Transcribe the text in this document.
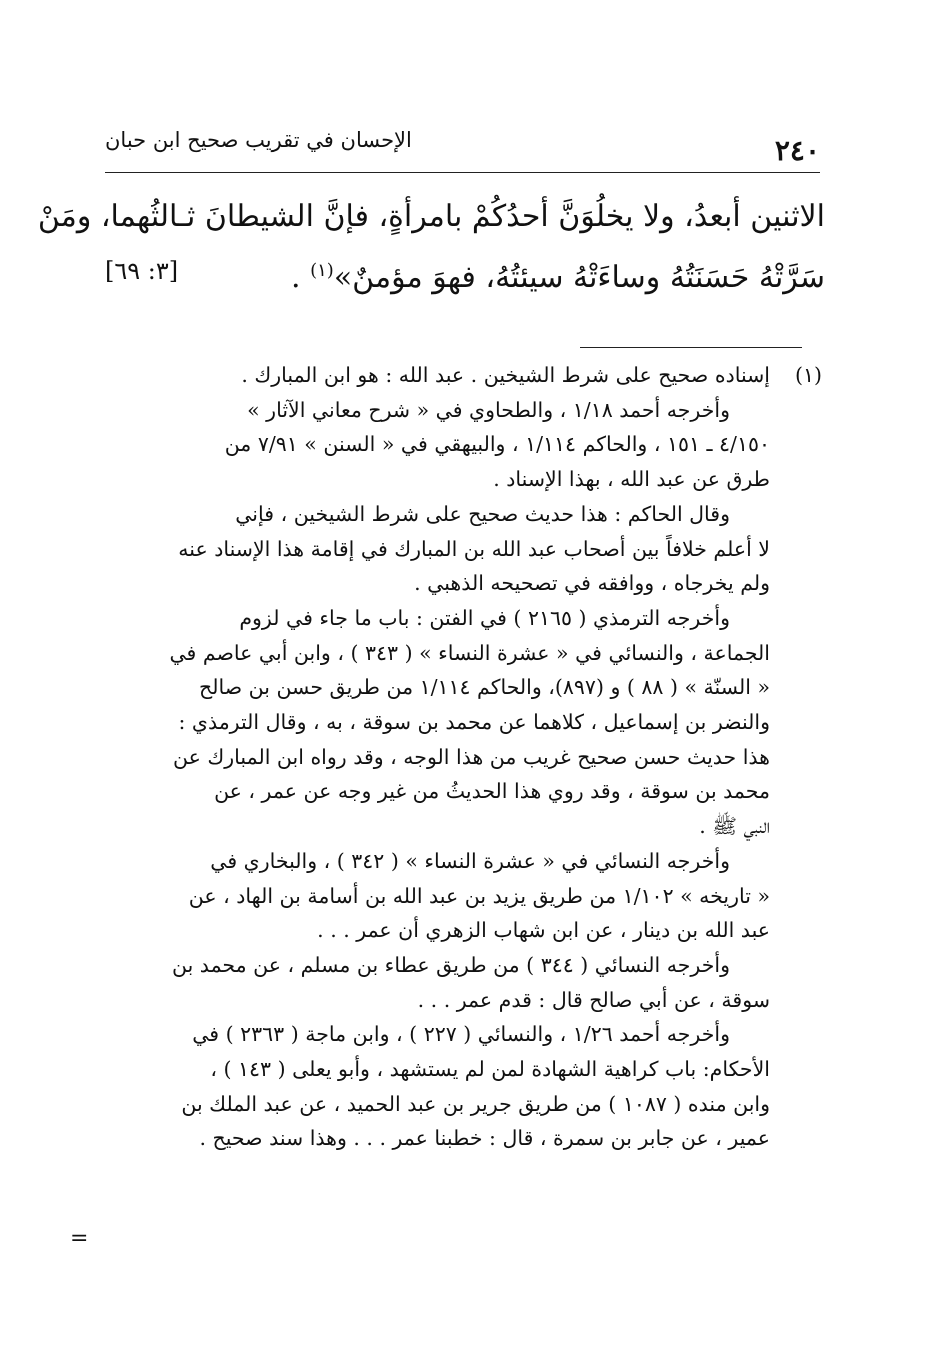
٢٤٠
الإحسان في تقريب صحيح ابن حبان
الاثنين أبعدُ، ولا يخلُوَنَّ أحدُكُمْ بامرأةٍ، فإنَّ الشيطانَ ثـالثُهما، ومَنْ
سَرَّتْهُ حَسَنَتُهُ وساءَتْهُ سيئتُهُ، فهوَ مؤمنٌ»$^{(١)}$ .
[٣: ٦٩]
(١)
إسناده صحيح على شرط الشيخين . عبد الله : هو ابن المبارك .
وأخرجه أحمد ١/١٨ ، والطحاوي في « شرح معاني الآثار »
٤/١٥٠ ـ ١٥١ ، والحاكم ١/١١٤ ، والبيهقي في « السنن » ٧/٩١ من
طرق عن عبد الله ، بهذا الإسناد .
وقال الحاكم : هذا حديث صحيح على شرط الشيخين ، فإني
لا أعلم خلافاً بين أصحاب عبد الله بن المبارك في إقامة هذا الإسناد عنه
ولم يخرجاه ، ووافقه في تصحيحه الذهبي .
وأخرجه الترمذي ( ٢١٦٥ ) في الفتن : باب ما جاء في لزوم
الجماعة ، والنسائي في « عشرة النساء » ( ٣٤٣ ) ، وابن أبي عاصم في
« السنّة » ( ٨٨ ) و (٨٩٧)، والحاكم ١/١١٤ من طريق حسن بن صالح
والنضر بن إسماعيل ، كلاهما عن محمد بن سوقة ، به ، وقال الترمذي :
هذا حديث حسن صحيح غريب من هذا الوجه ، وقد رواه ابن المبارك عن
محمد بن سوقة ، وقد روي هذا الحديثُ من غير وجه عن عمر ، عن
النبي ﷺ .
وأخرجه النسائي في « عشرة النساء » ( ٣٤٢ ) ، والبخاري في
« تاريخه » ١/١٠٢ من طريق يزيد بن عبد الله بن أسامة بن الهاد ، عن
عبد الله بن دينار ، عن ابن شهاب الزهري أن عمر . . .
وأخرجه النسائي ( ٣٤٤ ) من طريق عطاء بن مسلم ، عن محمد بن
سوقة ، عن أبي صالح قال : قدم عمر . . .
وأخرجه أحمد ١/٢٦ ، والنسائي ( ٢٢٧ ) ، وابن ماجة ( ٢٣٦٣ ) في
الأحكام: باب كراهية الشهادة لمن لم يستشهد ، وأبو يعلى ( ١٤٣ ) ،
وابن منده ( ١٠٨٧ ) من طريق جرير بن عبد الحميد ، عن عبد الملك بن
عمير ، عن جابر بن سمرة ، قال : خطبنا عمر . . . وهذا سند صحيح .
=
